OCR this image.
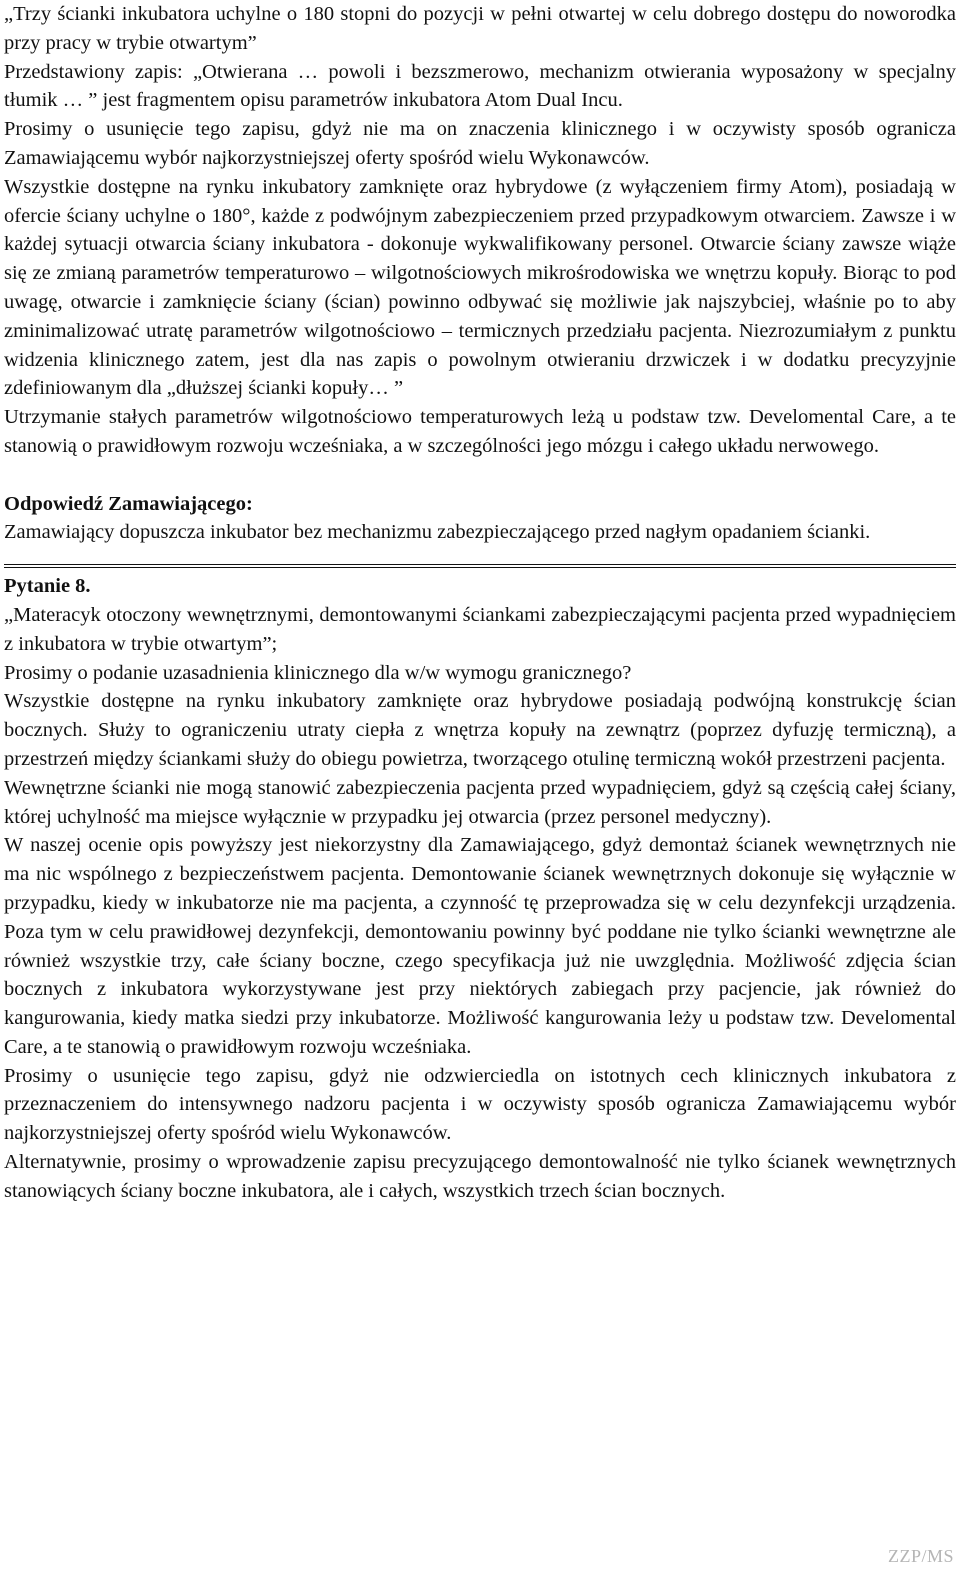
„Trzy ścianki inkubatora uchylne o 180 stopni do pozycji w pełni otwartej w celu dobrego dostępu do noworodka przy pracy w trybie otwartym”

Przedstawiony zapis: „Otwierana … powoli i bezszmerowo, mechanizm otwierania wyposażony w specjalny tłumik … ” jest fragmentem opisu parametrów inkubatora Atom Dual Incu.

Prosimy o usunięcie tego zapisu, gdyż nie ma on znaczenia klinicznego i w oczywisty sposób ogranicza Zamawiającemu wybór najkorzystniejszej oferty spośród wielu Wykonawców.

Wszystkie dostępne na rynku inkubatory zamknięte oraz hybrydowe (z wyłączeniem firmy Atom), posiadają w ofercie ściany uchylne o 180°, każde z podwójnym zabezpieczeniem przed przypadkowym otwarciem. Zawsze i w każdej sytuacji otwarcia ściany inkubatora - dokonuje wykwalifikowany personel. Otwarcie ściany zawsze wiąże się ze zmianą parametrów temperaturowo – wilgotnościowych mikrośrodowiska we wnętrzu kopuły. Biorąc to pod uwagę, otwarcie i zamknięcie ściany (ścian) powinno odbywać się możliwie jak najszybciej, właśnie po to aby zminimalizować utratę parametrów wilgotnościowo – termicznych przedziału pacjenta. Niezrozumiałym z punktu widzenia klinicznego zatem, jest dla nas zapis o powolnym otwieraniu drzwiczek i w dodatku precyzyjnie zdefiniowanym dla „dłuższej ścianki kopuły… ”

Utrzymanie stałych parametrów wilgotnościowo temperaturowych leżą u podstaw tzw. Develomental Care, a te stanowią o prawidłowym rozwoju wcześniaka, a w szczególności jego mózgu i całego układu nerwowego.

Odpowiedź Zamawiającego:

Zamawiający dopuszcza inkubator bez mechanizmu zabezpieczającego przed nagłym opadaniem ścianki.

Pytanie 8.

„Materacyk otoczony wewnętrznymi, demontowanymi ściankami zabezpieczającymi pacjenta przed wypadnięciem z inkubatora w trybie otwartym”;

Prosimy o podanie uzasadnienia klinicznego dla w/w wymogu granicznego?

Wszystkie dostępne na rynku inkubatory zamknięte oraz hybrydowe posiadają podwójną konstrukcję ścian bocznych. Służy to ograniczeniu utraty ciepła z wnętrza kopuły na zewnątrz (poprzez dyfuzję termiczną), a przestrzeń między ściankami służy do obiegu powietrza, tworzącego otulinę termiczną wokół przestrzeni pacjenta.

Wewnętrzne ścianki nie mogą stanowić zabezpieczenia pacjenta przed wypadnięciem, gdyż są częścią całej ściany, której uchylność ma miejsce wyłącznie w przypadku jej otwarcia (przez personel medyczny).

W naszej ocenie opis powyższy jest niekorzystny dla Zamawiającego, gdyż demontaż ścianek wewnętrznych nie ma nic wspólnego z bezpieczeństwem pacjenta. Demontowanie ścianek wewnętrznych dokonuje się wyłącznie w przypadku, kiedy w inkubatorze nie ma pacjenta, a czynność tę przeprowadza się w celu dezynfekcji urządzenia. Poza tym w celu prawidłowej dezynfekcji, demontowaniu powinny być poddane nie tylko ścianki wewnętrzne ale również wszystkie trzy, całe ściany boczne, czego specyfikacja już nie uwzględnia. Możliwość zdjęcia ścian bocznych z inkubatora wykorzystywane jest przy niektórych zabiegach przy pacjencie, jak również do kangurowania, kiedy matka siedzi przy inkubatorze. Możliwość kangurowania leży u podstaw tzw. Develomental Care, a te stanowią o prawidłowym rozwoju wcześniaka.

Prosimy o usunięcie tego zapisu, gdyż nie odzwierciedla on istotnych cech klinicznych inkubatora z przeznaczeniem do intensywnego nadzoru pacjenta i w oczywisty sposób ogranicza Zamawiającemu wybór najkorzystniejszej oferty spośród wielu Wykonawców.

Alternatywnie, prosimy o wprowadzenie zapisu precyzującego demontowalność nie tylko ścianek wewnętrznych stanowiących ściany boczne inkubatora, ale i całych, wszystkich trzech ścian bocznych.

ZZP/MS
